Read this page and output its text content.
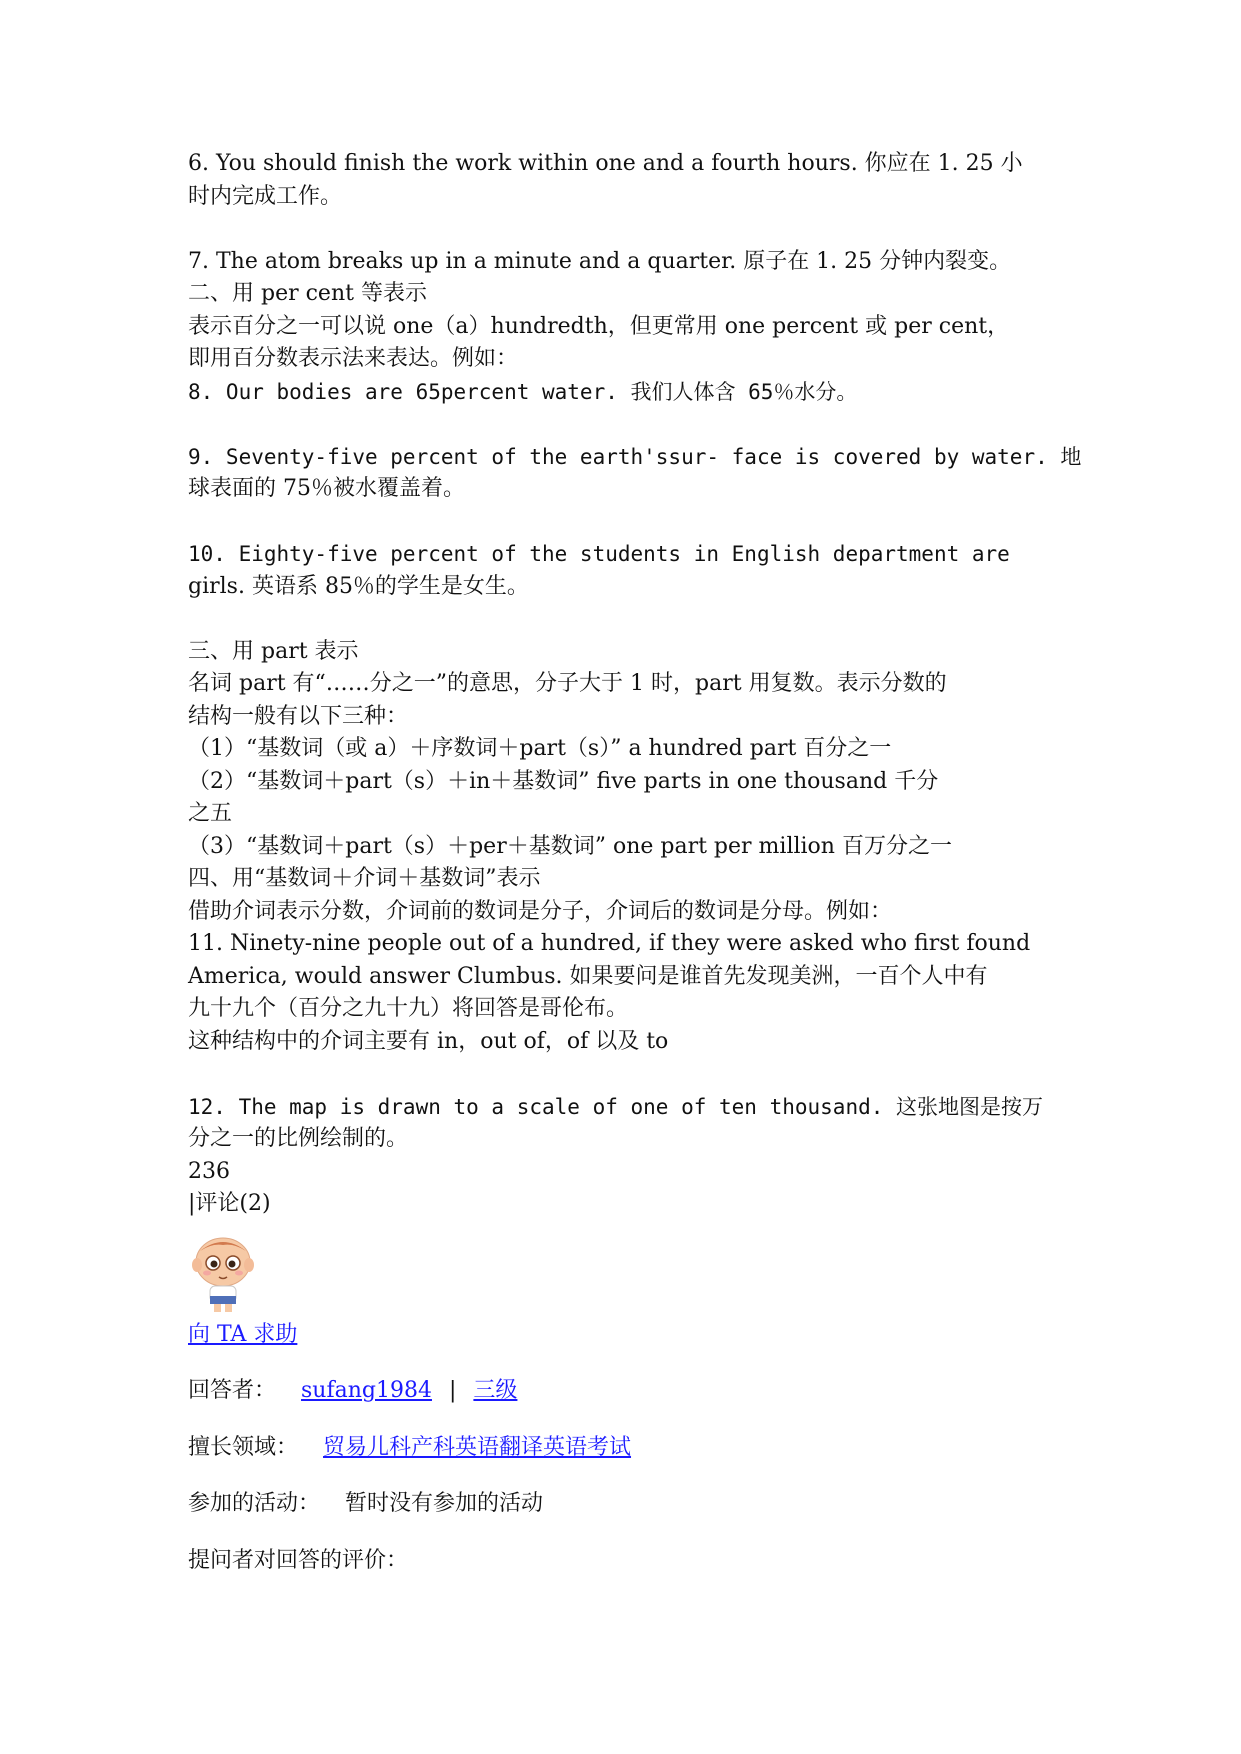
6. You should finish the work within one and a fourth hours. 你应在 1. 25 小
时内完成工作。
7. The atom breaks up in a minute and a quarter. 原子在 1. 25 分钟内裂变。
二、用 per cent 等表示
表示百分之一可以说 one（a）hundredth，但更常用 one percent 或 per cent，
即用百分数表示法来表达。例如：
8. Our bodies are 65percent water. 我们人体含 65％水分。
9. Seventy-five percent of the earth'ssur- face is covered by water. 地
球表面的 75％被水覆盖着。
10. Eighty-five percent of the students in English department are
girls. 英语系 85％的学生是女生。
三、用 part 表示
名词 part 有“……分之一”的意思，分子大于 1 时，part 用复数。表示分数的
结构一般有以下三种：
（1）“基数词（或 a）＋序数词＋part（s）” a hundred part 百分之一
（2）“基数词＋part（s）＋in＋基数词” five parts in one thousand 千分
之五
（3）“基数词＋part（s）＋per＋基数词” one part per million 百万分之一
四、用“基数词＋介词＋基数词”表示
借助介词表示分数，介词前的数词是分子，介词后的数词是分母。例如：
11. Ninety-nine people out of a hundred, if they were asked who first found
America, would answer Clumbus. 如果要问是谁首先发现美洲，一百个人中有
九十九个（百分之九十九）将回答是哥伦布。
这种结构中的介词主要有 in，out of，of 以及 to
12. The map is drawn to a scale of one of ten thousand. 这张地图是按万
分之一的比例绘制的。
236
|评论(2)
向 TA 求助
回答者： sufang1984 | 三级
擅长领域： 贸易儿科产科英语翻译英语考试
参加的活动： 暂时没有参加的活动
提问者对回答的评价：
